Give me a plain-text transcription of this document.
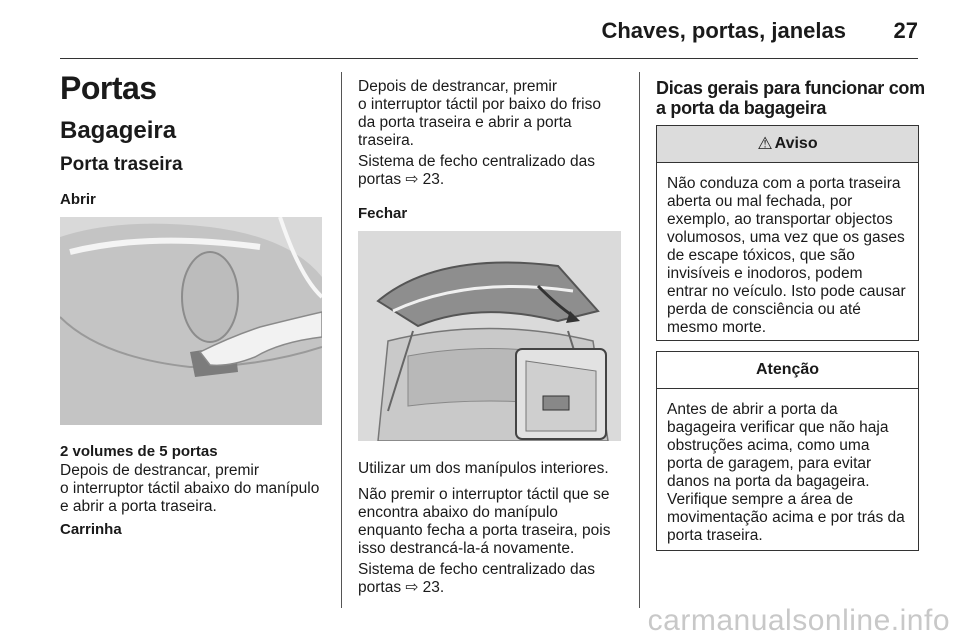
Chaves, portas, janelas 27
Portas
Bagageira
Porta traseira
Abrir
2 volumes de 5 portas
Depois de destrancar, premir
o interruptor táctil abaixo do manípulo
e abrir a porta traseira.
Carrinha
Depois de destrancar, premir
o interruptor táctil por baixo do friso
da porta traseira e abrir a porta
traseira.
Sistema de fecho centralizado das
portas ⇨ 23.
Fechar
Utilizar um dos manípulos interiores.
Não premir o interruptor táctil que se
encontra abaixo do manípulo
enquanto fecha a porta traseira, pois
isso destrancá-la-á novamente.
Sistema de fecho centralizado das
portas ⇨ 23.
Dicas gerais para funcionar com
a porta da bagageira
⚠ Aviso
Não conduza com a porta traseira
aberta ou mal fechada, por
exemplo, ao transportar objectos
volumosos, uma vez que os gases
de escape tóxicos, que são
invisíveis e inodoros, podem
entrar no veículo. Isto pode causar
perda de consciência ou até
mesmo morte.
Atenção
Antes de abrir a porta da
bagageira verificar que não haja
obstruções acima, como uma
porta de garagem, para evitar
danos na porta da bagageira.
Verifique sempre a área de
movimentação acima e por trás da
porta traseira.
carmanualsonline.info
